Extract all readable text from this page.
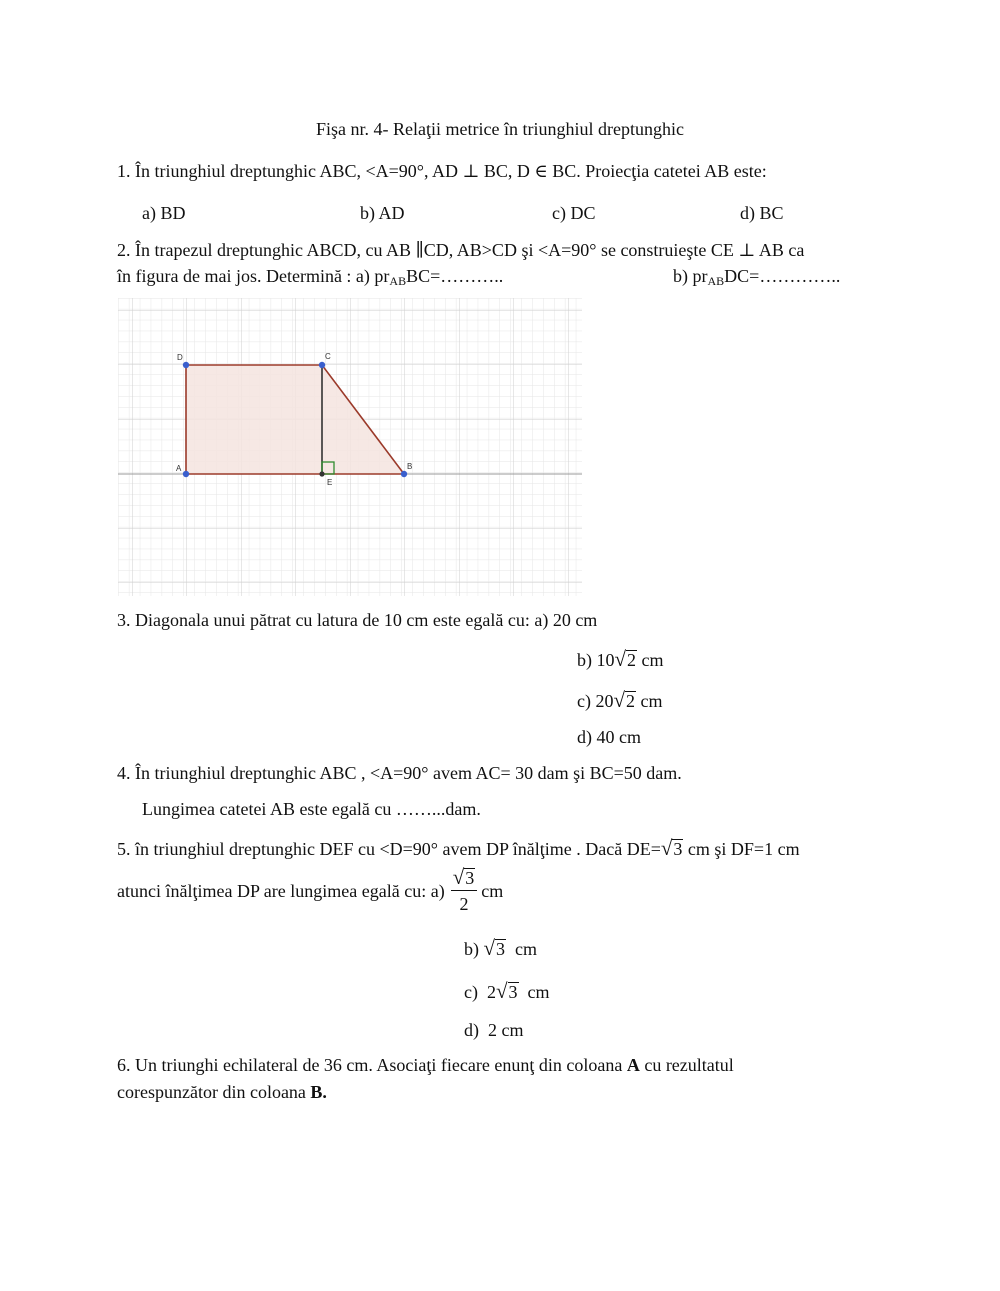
Fişa nr. 4- Relaţii metrice în triunghiul dreptunghic
1. În triunghiul dreptunghic ABC, <A=90°, AD ⊥ BC, D ∈ BC. Proiecţia catetei AB este:
a) BD	b) AD	c) DC	d) BC
2. În trapezul dreptunghic ABCD, cu AB ∥CD, AB>CD şi <A=90° se construieşte CE ⊥ AB ca
în figura de mai jos. Determină : a) prABBC=………..	b) prABDC=…………..
D	C
A	B
E
3. Diagonala unui pătrat cu latura de 10 cm este egală cu: a) 20 cm
b) 10 √ 2 cm
c) 20 √ 2 cm
d) 40 cm
4. În triunghiul dreptunghic ABC , <A=90° avem AC= 30 dam şi BC=50 dam.
Lungimea catetei AB este egală cu ……...dam.
5. în triunghiul dreptunghic DEF cu <D=90° avem DP înălţime . Dacă DE= √ 3 cm şi DF=1 cm
atunci înălţimea DP are lungimea egală cu: $a) \frac{√ 3}{2}$ cm
b) √ 3 cm
c)  2 √ 3 cm
d)  2 cm
6. Un triunghi echilateral de 36 cm. Asociaţi fiecare enunţ din coloana A cu rezultatul
corespunzător din coloana B.
